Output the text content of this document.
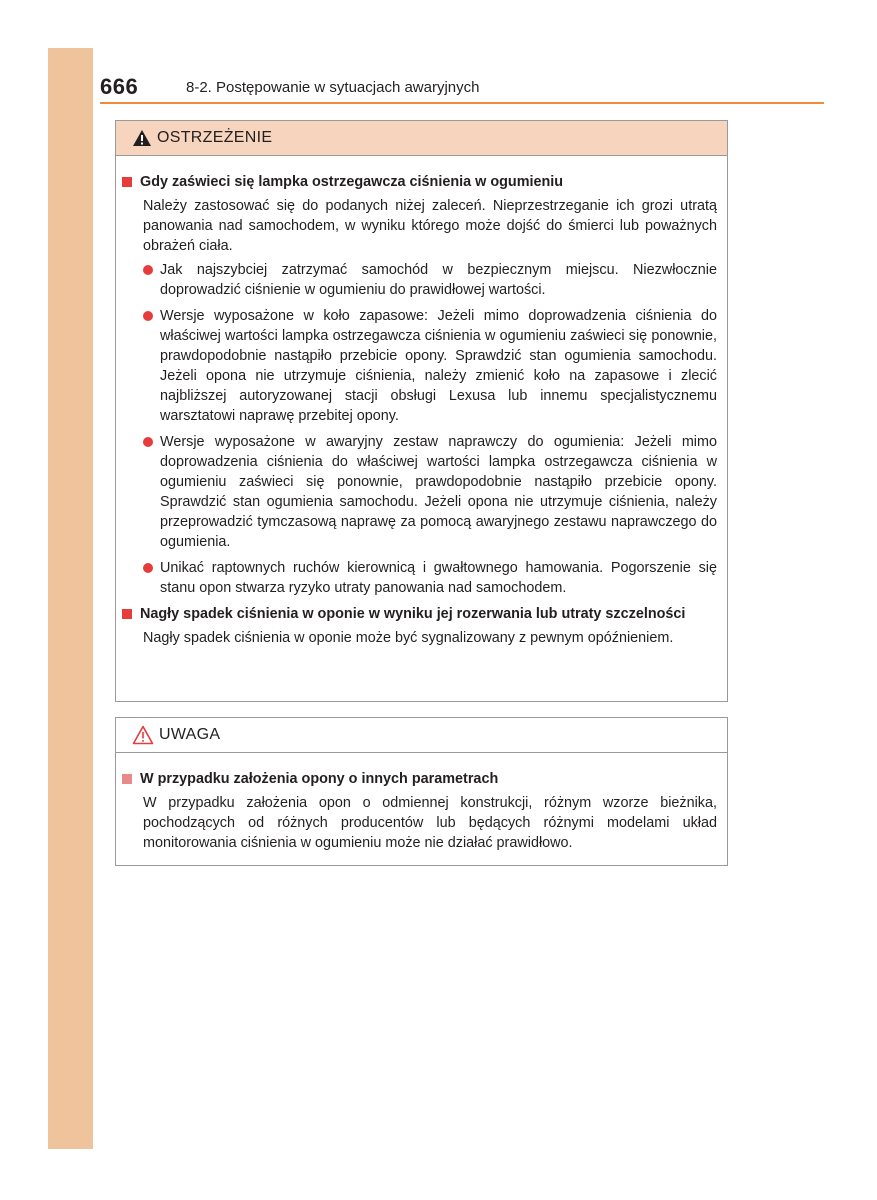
666	8-2. Postępowanie w sytuacjach awaryjnych
OSTRZEŻENIE
Gdy zaświeci się lampka ostrzegawcza ciśnienia w ogumieniu
Należy zastosować się do podanych niżej zaleceń. Nieprzestrzeganie ich grozi utratą panowania nad samochodem, w wyniku którego może dojść do śmierci lub poważnych obrażeń ciała.
Jak najszybciej zatrzymać samochód w bezpiecznym miejscu. Niezwłocznie doprowadzić ciśnienie w ogumieniu do prawidłowej wartości.
Wersje wyposażone w koło zapasowe: Jeżeli mimo doprowadzenia ciśnienia do właściwej wartości lampka ostrzegawcza ciśnienia w ogumieniu zaświeci się ponownie, prawdopodobnie nastąpiło przebicie opony. Sprawdzić stan ogumienia samochodu. Jeżeli opona nie utrzymuje ciśnienia, należy zmienić koło na zapasowe i zlecić najbliższej autoryzowanej stacji obsługi Lexusa lub innemu specjalistycznemu warsztatowi naprawę przebitej opony.
Wersje wyposażone w awaryjny zestaw naprawczy do ogumienia: Jeżeli mimo doprowadzenia ciśnienia do właściwej wartości lampka ostrzegawcza ciśnienia w ogumieniu zaświeci się ponownie, prawdopodobnie nastąpiło przebicie opony. Sprawdzić stan ogumienia samochodu. Jeżeli opona nie utrzymuje ciśnienia, należy przeprowadzić tymczasową naprawę za pomocą awaryjnego zestawu naprawczego do ogumienia.
Unikać raptownych ruchów kierownicą i gwałtownego hamowania. Pogorszenie się stanu opon stwarza ryzyko utraty panowania nad samochodem.
Nagły spadek ciśnienia w oponie w wyniku jej rozerwania lub utraty szczelności
Nagły spadek ciśnienia w oponie może być sygnalizowany z pewnym opóźnieniem.
UWAGA
W przypadku założenia opony o innych parametrach
W przypadku założenia opon o odmiennej konstrukcji, różnym wzorze bieżnika, pochodzących od różnych producentów lub będących różnymi modelami układ monitorowania ciśnienia w ogumieniu może nie działać prawidłowo.
